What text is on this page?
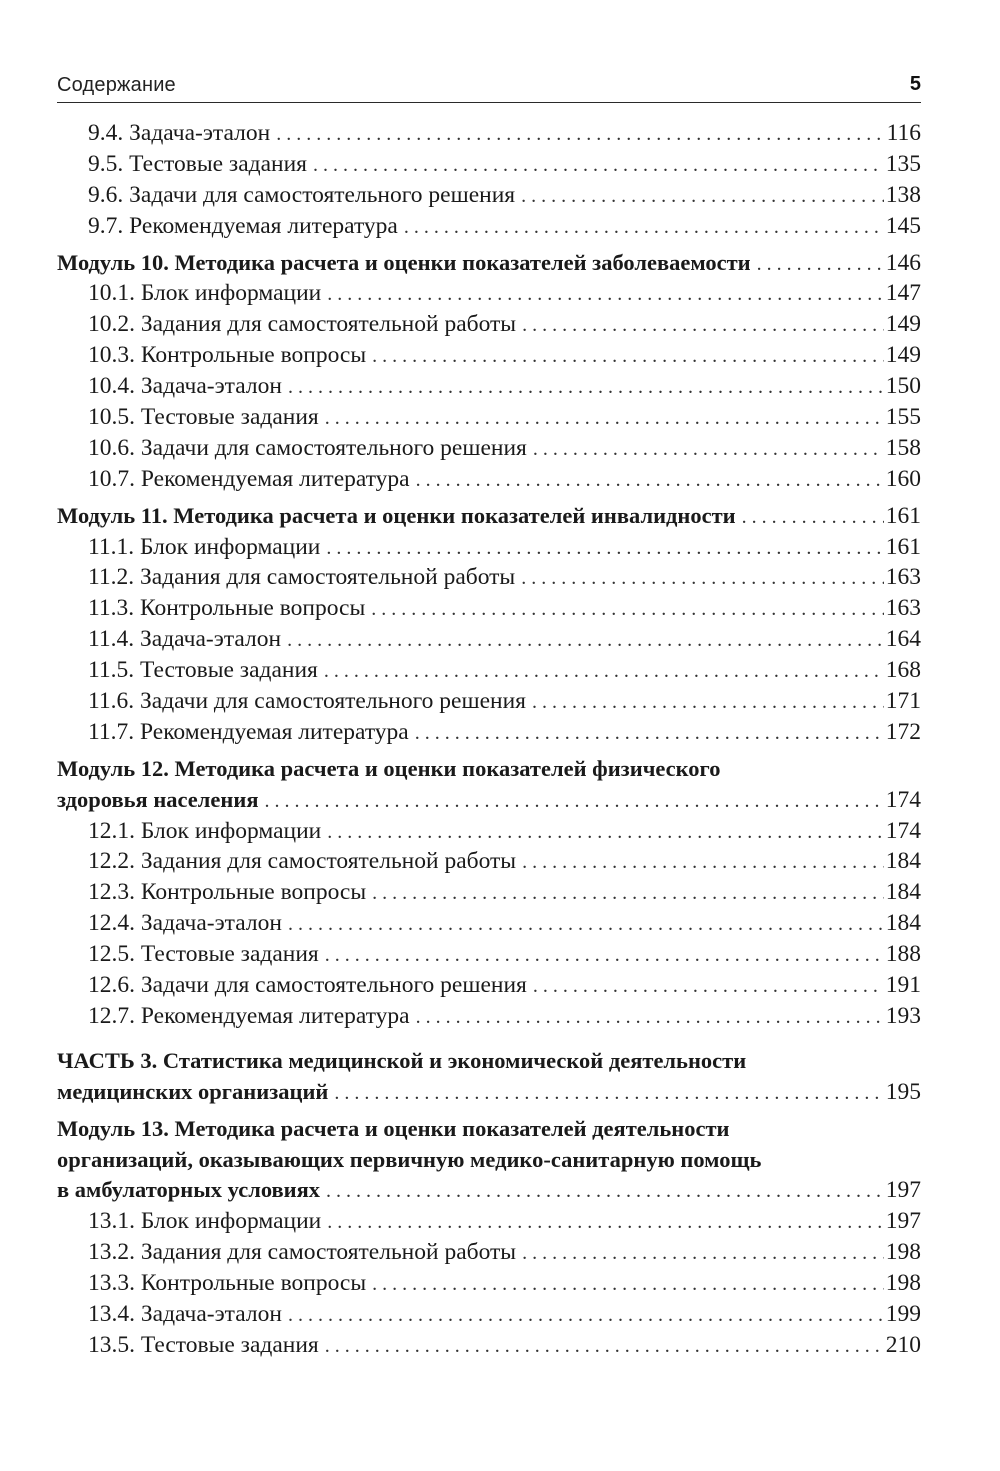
Содержание	5
9.4. Задача-эталон . . .	116
9.5. Тестовые задания . . .	135
9.6. Задачи для самостоятельного решения . . .	138
9.7. Рекомендуемая литература . . .	145
Модуль 10. Методика расчета и оценки показателей заболеваемости . . .	146
10.1. Блок информации . . .	147
10.2. Задания для самостоятельной работы . . .	149
10.3. Контрольные вопросы . . .	149
10.4. Задача-эталон . . .	150
10.5. Тестовые задания . . .	155
10.6. Задачи для самостоятельного решения . . .	158
10.7. Рекомендуемая литература . . .	160
Модуль 11. Методика расчета и оценки показателей инвалидности . . .	161
11.1. Блок информации . . .	161
11.2. Задания для самостоятельной работы . . .	163
11.3. Контрольные вопросы . . .	163
11.4. Задача-эталон . . .	164
11.5. Тестовые задания . . .	168
11.6. Задачи для самостоятельного решения . . .	171
11.7. Рекомендуемая литература . . .	172
Модуль 12. Методика расчета и оценки показателей физического
здоровья населения . . .	174
12.1. Блок информации . . .	174
12.2. Задания для самостоятельной работы . . .	184
12.3. Контрольные вопросы . . .	184
12.4. Задача-эталон . . .	184
12.5. Тестовые задания . . .	188
12.6. Задачи для самостоятельного решения . . .	191
12.7. Рекомендуемая литература . . .	193
ЧАСТЬ 3. Статистика медицинской и экономической деятельности
медицинских организаций . . .	195
Модуль 13. Методика расчета и оценки показателей деятельности
организаций, оказывающих первичную медико-санитарную помощь
в амбулаторных условиях . . .	197
13.1. Блок информации . . .	197
13.2. Задания для самостоятельной работы . . .	198
13.3. Контрольные вопросы . . .	198
13.4. Задача-эталон . . .	199
13.5. Тестовые задания . . .	210
